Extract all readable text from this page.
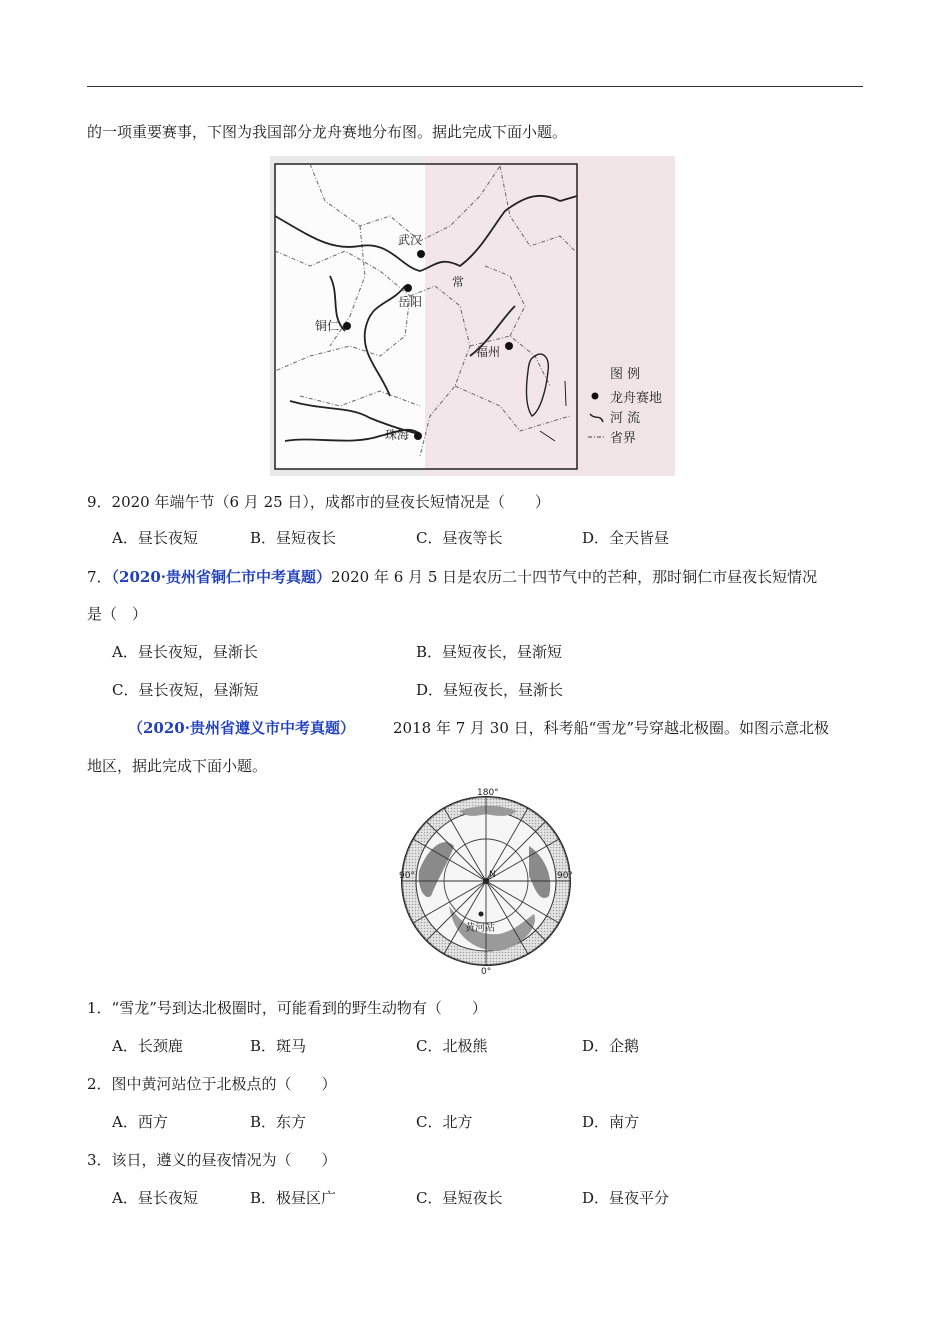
的一项重要赛事，下图为我国部分龙舟赛地分布图。据此完成下面小题。
武汉
岳阳
铜仁
福州
珠海
常
图 例
龙舟赛地
河 流
省界
9．2020 年端午节（6 月 25 日），成都市的昼夜长短情况是（　　）
A．昼长夜短	B．昼短夜长	C．昼夜等长	D．全天皆昼
7．（2020·贵州省铜仁市中考真题）2020 年 6 月 5 日是农历二十四节气中的芒种，那时铜仁市昼夜长短情况
是（　）
A．昼长夜短，昼渐长	B．昼短夜长，昼渐短
C．昼长夜短，昼渐短	D．昼短夜长，昼渐长
（2020·贵州省遵义市中考真题）	2018 年 7 月 30 日，科考船“雪龙”号穿越北极圈。如图示意北极
地区，据此完成下面小题。
180°
90°	90°
0°
N
黄河站
1．“雪龙”号到达北极圈时，可能看到的野生动物有（　　）
A．长颈鹿	B．斑马	C．北极熊	D．企鹅
2．图中黄河站位于北极点的（　　）
A．西方	B．东方	C．北方	D．南方
3．该日，遵义的昼夜情况为（　　）
A．昼长夜短	B．极昼区广	C．昼短夜长	D．昼夜平分
